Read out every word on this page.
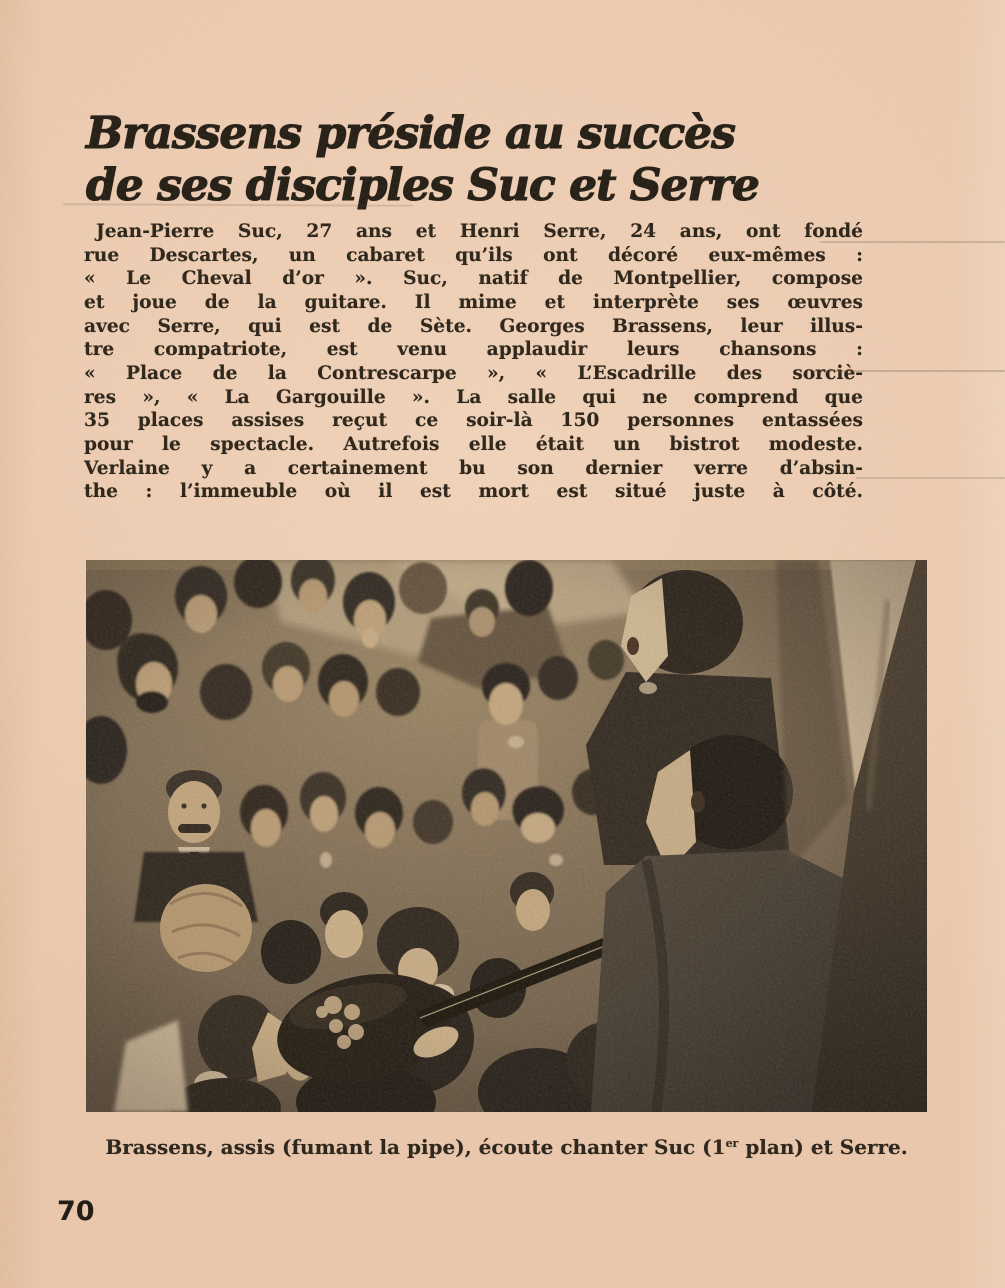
Brassens préside au succès
de ses disciples Suc et Serre
Jean-Pierre Suc, 27 ans et Henri Serre, 24 ans, ont fondé
rue Descartes, un cabaret qu’ils ont décoré eux-mêmes :
« Le Cheval d’or ». Suc, natif de Montpellier, compose
et joue de la guitare. Il mime et interprète ses œuvres
avec Serre, qui est de Sète. Georges Brassens, leur illus-
tre compatriote, est venu applaudir leurs chansons :
« Place de la Contrescarpe », « L’Escadrille des sorciè-
res », « La Gargouille ». La salle qui ne comprend que
35 places assises reçut ce soir-là 150 personnes entassées
pour le spectacle. Autrefois elle était un bistrot modeste.
Verlaine y a certainement bu son dernier verre d’absin-
the : l’immeuble où il est mort est situé juste à côté.

Brassens, assis (fumant la pipe), écoute chanter Suc (1er plan) et Serre.

70
